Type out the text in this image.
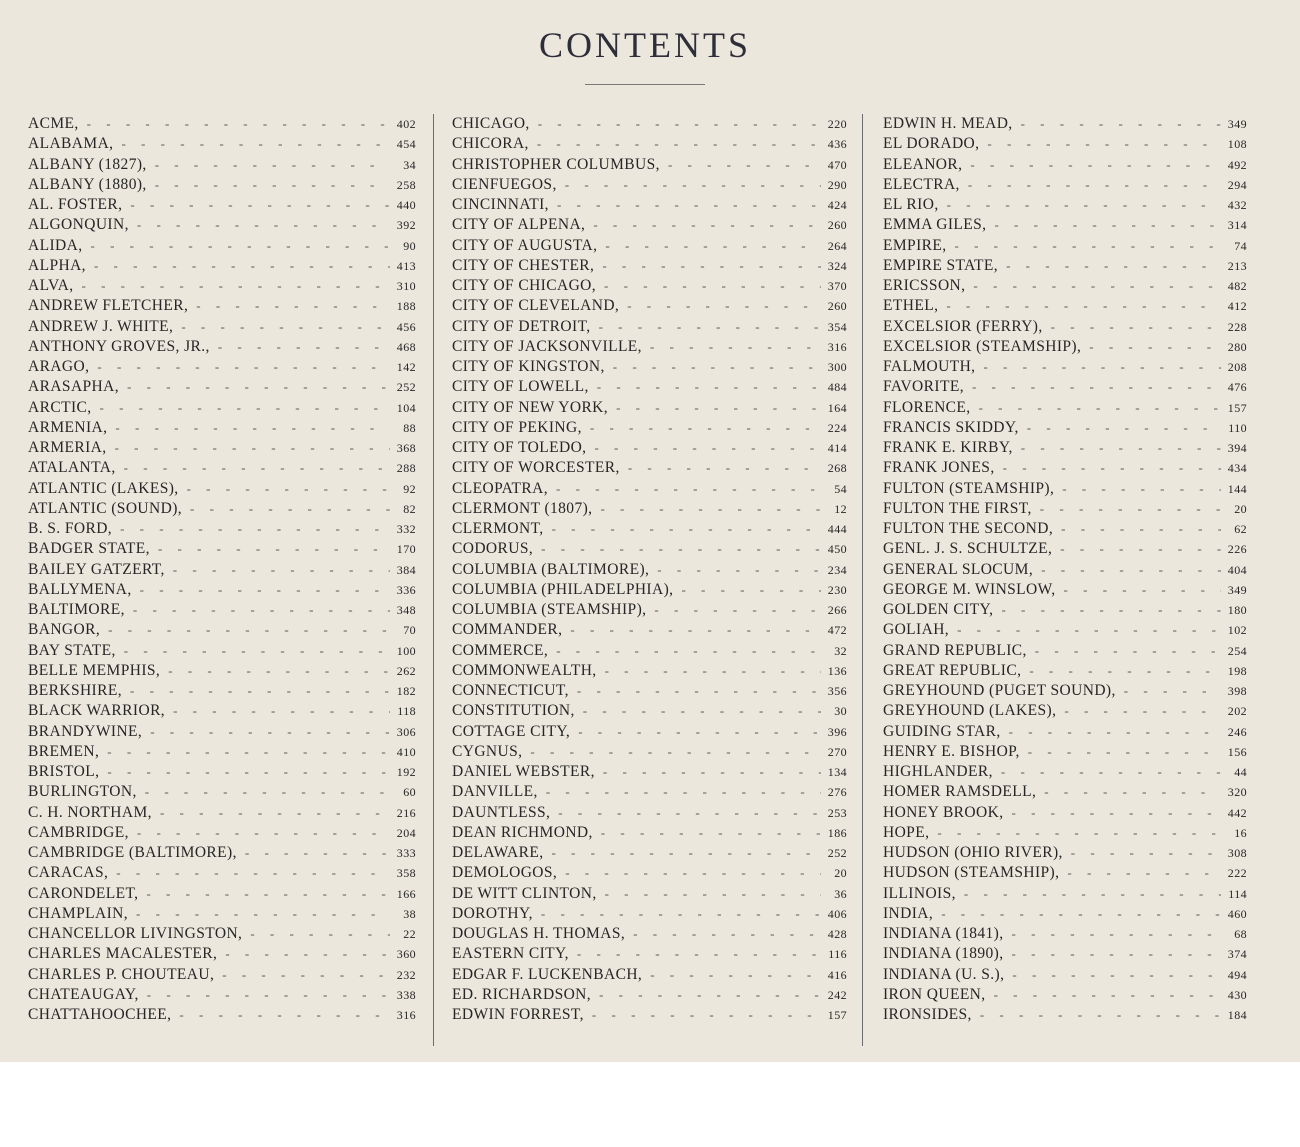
CONTENTS
ACME, - - -	402
ALABAMA, - - -	454
ALBANY (1827), - - -	34
ALBANY (1880), - - -	258
AL. FOSTER, - - -	440
ALGONQUIN, - - -	392
ALIDA, - - -	90
ALPHA, - - -	413
ALVA, - - -	310
ANDREW FLETCHER, - - -	188
ANDREW J. WHITE, - - -	456
ANTHONY GROVES, JR., - - -	468
ARAGO, - - -	142
ARASAPHA, - - -	252
ARCTIC, - - -	104
ARMENIA, - - -	88
ARMERIA, - - -	368
ATALANTA, - - -	288
ATLANTIC (LAKES), - - -	92
ATLANTIC (SOUND), - - -	82
B. S. FORD, - - -	332
BADGER STATE, - - -	170
BAILEY GATZERT, - - -	384
BALLYMENA, - - -	336
BALTIMORE, - - -	348
BANGOR, - - -	70
BAY STATE, - - -	100
BELLE MEMPHIS, - - -	262
BERKSHIRE, - - -	182
BLACK WARRIOR, - - -	118
BRANDYWINE, - - -	306
BREMEN, - - -	410
BRISTOL, - - -	192
BURLINGTON, - - -	60
C. H. NORTHAM, - - -	216
CAMBRIDGE, - - -	204
CAMBRIDGE (BALTIMORE), - - -	333
CARACAS, - - -	358
CARONDELET, - - -	166
CHAMPLAIN, - - -	38
CHANCELLOR LIVINGSTON, - - -	22
CHARLES MACALESTER, - - -	360
CHARLES P. CHOUTEAU, - - -	232
CHATEAUGAY, - - -	338
CHATTAHOOCHEE, - - -	316
CHICAGO, - - -	220
CHICORA, - - -	436
CHRISTOPHER COLUMBUS, - - -	470
CIENFUEGOS, - - -	290
CINCINNATI, - - -	424
CITY OF ALPENA, - - -	260
CITY OF AUGUSTA, - - -	264
CITY OF CHESTER, - - -	324
CITY OF CHICAGO, - - -	370
CITY OF CLEVELAND, - - -	260
CITY OF DETROIT, - - -	354
CITY OF JACKSONVILLE, - - -	316
CITY OF KINGSTON, - - -	300
CITY OF LOWELL, - - -	484
CITY OF NEW YORK, - - -	164
CITY OF PEKING, - - -	224
CITY OF TOLEDO, - - -	414
CITY OF WORCESTER, - - -	268
CLEOPATRA, - - -	54
CLERMONT (1807), - - -	12
CLERMONT, - - -	444
CODORUS, - - -	450
COLUMBIA (BALTIMORE), - - -	234
COLUMBIA (PHILADELPHIA), - - -	230
COLUMBIA (STEAMSHIP), - - -	266
COMMANDER, - - -	472
COMMERCE, - - -	32
COMMONWEALTH, - - -	136
CONNECTICUT, - - -	356
CONSTITUTION, - - -	30
COTTAGE CITY, - - -	396
CYGNUS, - - -	270
DANIEL WEBSTER, - - -	134
DANVILLE, - - -	276
DAUNTLESS, - - -	253
DEAN RICHMOND, - - -	186
DELAWARE, - - -	252
DEMOLOGOS, - - -	20
DE WITT CLINTON, - - -	36
DOROTHY, - - -	406
DOUGLAS H. THOMAS, - - -	428
EASTERN CITY, - - -	116
EDGAR F. LUCKENBACH, - - -	416
ED. RICHARDSON, - - -	242
EDWIN FORREST, - - -	157
EDWIN H. MEAD, - - -	349
EL DORADO, - - -	108
ELEANOR, - - -	492
ELECTRA, - - -	294
EL RIO, - - -	432
EMMA GILES, - - -	314
EMPIRE, - - -	74
EMPIRE STATE, - - -	213
ERICSSON, - - -	482
ETHEL, - - -	412
EXCELSIOR (FERRY), - - -	228
EXCELSIOR (STEAMSHIP), - - -	280
FALMOUTH, - - -	208
FAVORITE, - - -	476
FLORENCE, - - -	157
FRANCIS SKIDDY, - - -	110
FRANK E. KIRBY, - - -	394
FRANK JONES, - - -	434
FULTON (STEAMSHIP), - - -	144
FULTON THE FIRST, - - -	20
FULTON THE SECOND, - - -	62
GENL. J. S. SCHULTZE, - - -	226
GENERAL SLOCUM, - - -	404
GEORGE M. WINSLOW, - - -	349
GOLDEN CITY, - - -	180
GOLIAH, - - -	102
GRAND REPUBLIC, - - -	254
GREAT REPUBLIC, - - -	198
GREYHOUND (PUGET SOUND), - - -	398
GREYHOUND (LAKES), - - -	202
GUIDING STAR, - - -	246
HENRY E. BISHOP, - - -	156
HIGHLANDER, - - -	44
HOMER RAMSDELL, - - -	320
HONEY BROOK, - - -	442
HOPE, - - -	16
HUDSON (OHIO RIVER), - - -	308
HUDSON (STEAMSHIP), - - -	222
ILLINOIS, - - -	114
INDIA, - - -	460
INDIANA (1841), - - -	68
INDIANA (1890), - - -	374
INDIANA (U. S.), - - -	494
IRON QUEEN, - - -	430
IRONSIDES, - - -	184
